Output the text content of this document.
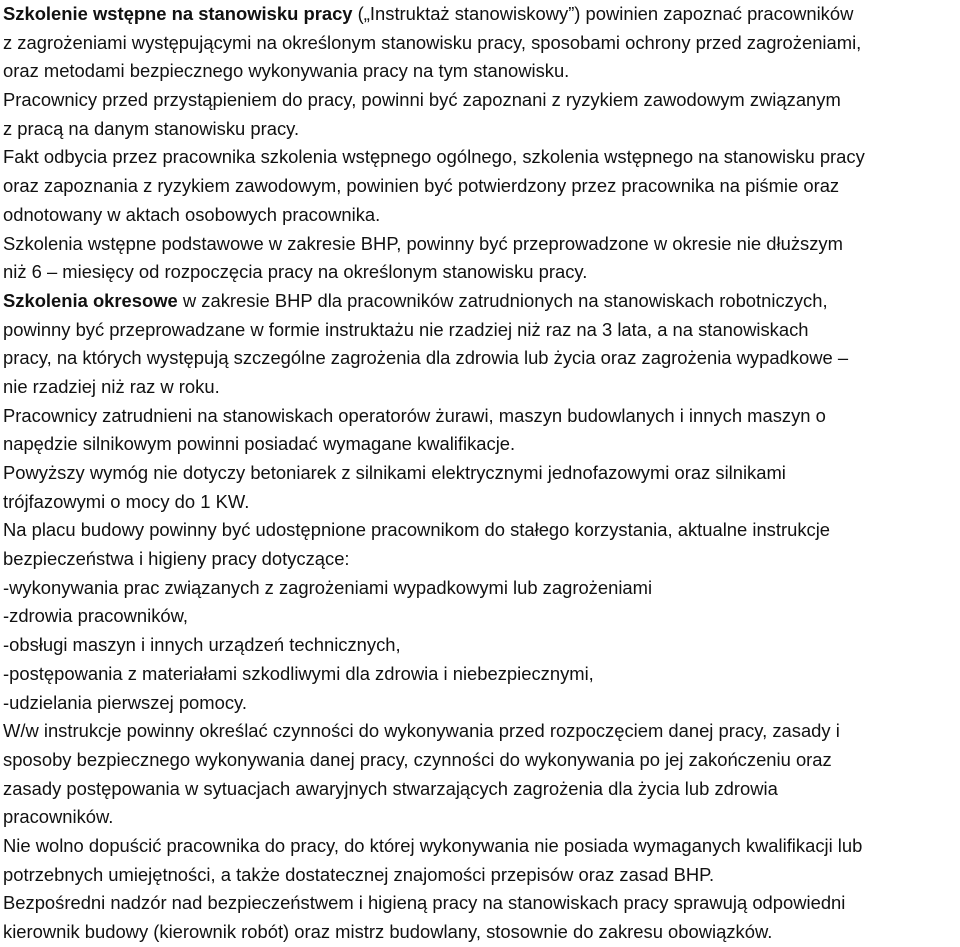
Szkolenie wstępne na stanowisku pracy („Instruktaż stanowiskowy”) powinien zapoznać pracowników
z zagrożeniami występującymi na określonym stanowisku pracy, sposobami ochrony przed zagrożeniami,
oraz metodami bezpiecznego wykonywania pracy na tym stanowisku.
Pracownicy przed przystąpieniem do pracy, powinni być zapoznani z ryzykiem zawodowym związanym
z pracą na danym stanowisku pracy.
Fakt odbycia przez pracownika szkolenia wstępnego ogólnego, szkolenia wstępnego na stanowisku pracy
oraz zapoznania z ryzykiem zawodowym, powinien być potwierdzony przez pracownika na piśmie oraz
odnotowany w aktach osobowych pracownika.
Szkolenia wstępne podstawowe w zakresie BHP, powinny być przeprowadzone w okresie nie dłuższym
niż 6 – miesięcy od rozpoczęcia pracy na określonym stanowisku pracy.
Szkolenia okresowe w zakresie BHP dla pracowników zatrudnionych na stanowiskach robotniczych,
powinny być przeprowadzane w formie instruktażu nie rzadziej niż raz na 3 lata, a na stanowiskach
pracy, na których występują szczególne zagrożenia dla zdrowia lub życia oraz zagrożenia wypadkowe –
nie rzadziej niż raz w roku.
Pracownicy zatrudnieni na stanowiskach operatorów żurawi, maszyn budowlanych i innych maszyn o
napędzie silnikowym powinni posiadać wymagane kwalifikacje.
Powyższy wymóg nie dotyczy betoniarek z silnikami elektrycznymi jednofazowymi oraz silnikami
trójfazowymi o mocy do 1 KW.
Na placu budowy powinny być udostępnione pracownikom do stałego korzystania, aktualne instrukcje
bezpieczeństwa i higieny pracy dotyczące:
-wykonywania prac związanych z zagrożeniami wypadkowymi lub zagrożeniami
-zdrowia pracowników,
-obsługi maszyn i innych urządzeń technicznych,
-postępowania z materiałami szkodliwymi dla zdrowia i niebezpiecznymi,
-udzielania pierwszej pomocy.
W/w instrukcje powinny określać czynności do wykonywania przed rozpoczęciem danej pracy, zasady i
sposoby bezpiecznego wykonywania danej pracy, czynności do wykonywania po jej zakończeniu oraz
zasady postępowania w sytuacjach awaryjnych stwarzających zagrożenia dla życia lub zdrowia
pracowników.
Nie wolno dopuścić pracownika do pracy, do której wykonywania nie posiada wymaganych kwalifikacji lub
potrzebnych umiejętności, a także dostatecznej znajomości przepisów oraz zasad BHP.
Bezpośredni nadzór nad bezpieczeństwem i higieną pracy na stanowiskach pracy sprawują odpowiedni
kierownik budowy (kierownik robót) oraz mistrz budowlany, stosownie do zakresu obowiązków.
